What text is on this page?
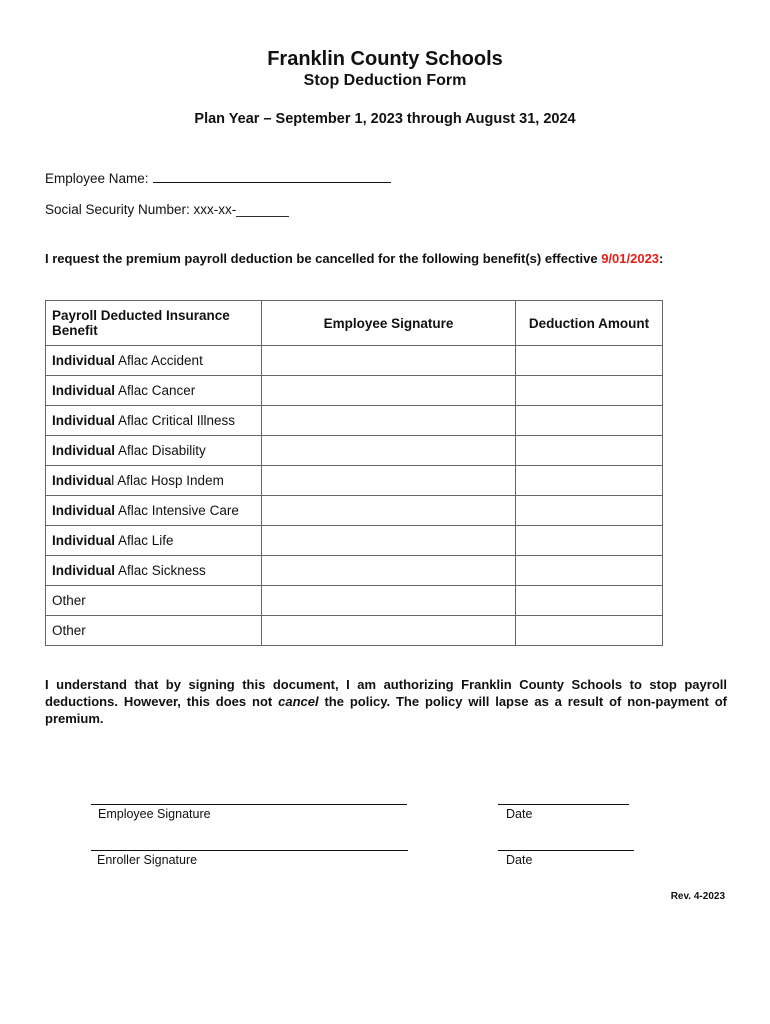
Franklin County Schools
Stop Deduction Form
Plan Year – September 1, 2023 through August 31, 2024
Employee Name:
Social Security Number: xxx-xx-_______
I request the premium payroll deduction be cancelled for the following benefit(s) effective 9/01/2023:
Payroll Deducted Insurance Benefit	Employee Signature	Deduction Amount
Individual Aflac Accident		
Individual Aflac Cancer		
Individual Aflac Critical Illness		
Individual Aflac Disability		
Individual Aflac Hosp Indem		
Individual Aflac Intensive Care		
Individual Aflac Life		
Individual Aflac Sickness		
Other		
Other		
I understand that by signing this document, I am authorizing Franklin County Schools to stop payroll deductions. However, this does not cancel the policy. The policy will lapse as a result of non-payment of premium.
Employee Signature	Date
Enroller Signature	Date
Rev. 4-2023
